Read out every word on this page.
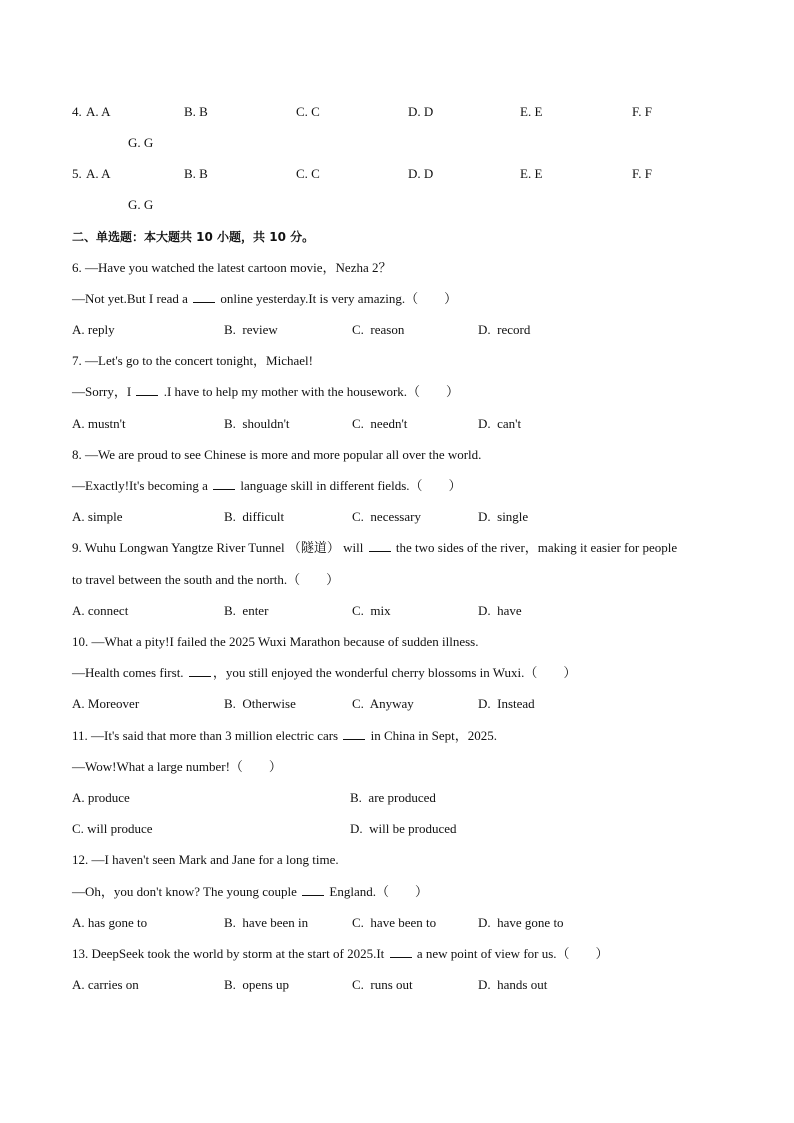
4. A. A	B. B	C. C	D. D	E. E	F. F
G. G
5. A. A	B. B	C. C	D. D	E. E	F. F
G. G
二、单选题：本大题共 10 小题，共 10 分。
6. —Have you watched the latest cartoon movie，Nezha 2？
—Not yet.But I read a	online yesterday.It is very amazing.（　　）
A. reply	B.  review	C.  reason	D.  record
7. —Let's go to the concert tonight，Michael!
—Sorry，I	.I have to help my mother with the housework.（　　）
A. mustn't	B.  shouldn't	C.  needn't	D.  can't
8. —We are proud to see Chinese is more and more popular all over the world.
—Exactly!It's becoming a	language skill in different fields.（　　）
A. simple	B.  difficult	C.  necessary	D.  single
9. Wuhu Longwan Yangtze River Tunnel （隧道） will	the two sides of the river，making it easier for people
to travel between the south and the north.（　　）
A. connect	B.  enter	C.  mix	D.  have
10. —What a pity!I failed the 2025 Wuxi Marathon because of sudden illness.
—Health comes first. ，you still enjoyed the wonderful cherry blossoms in Wuxi.（　　）
A. Moreover	B.  Otherwise	C.  Anyway	D.  Instead
11. —It's said that more than 3 million electric cars	in China in Sept，2025.
—Wow!What a large number!（　　）
A. produce	B.  are produced
C. will produce	D.  will be produced
12. —I haven't seen Mark and Jane for a long time.
—Oh，you don't know? The young couple	England.（　　）
A. has gone to	B.  have been in	C.  have been to	D.  have gone to
13. DeepSeek took the world by storm at the start of 2025.It	a new point of view for us.（　　）
A. carries on	B.  opens up	C.  runs out	D.  hands out
